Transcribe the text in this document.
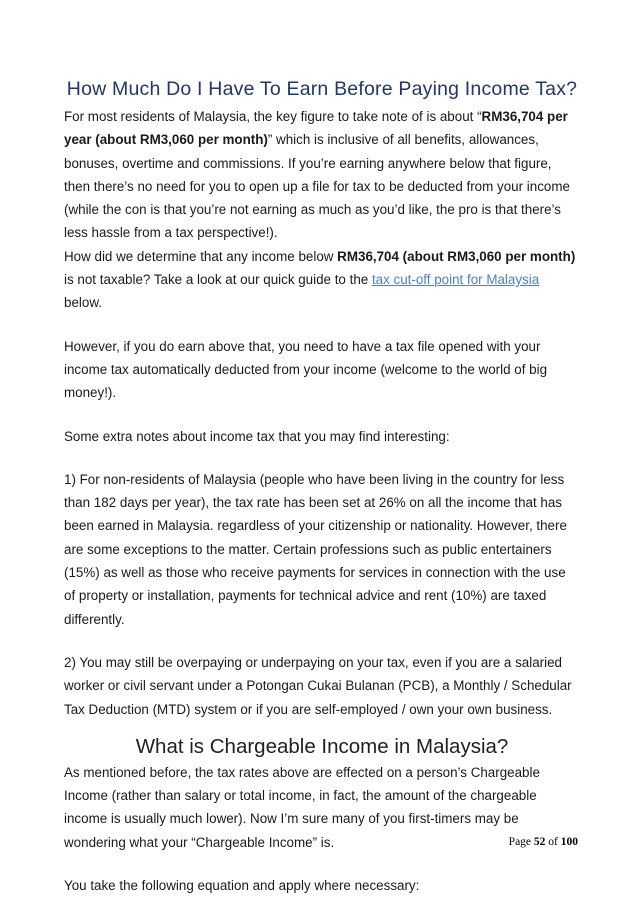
How Much Do I Have To Earn Before Paying Income Tax?

For most residents of Malaysia, the key figure to take note of is about “RM36,704 per year (about RM3,060 per month)” which is inclusive of all benefits, allowances, bonuses, overtime and commissions. If you’re earning anywhere below that figure, then there’s no need for you to open up a file for tax to be deducted from your income (while the con is that you’re not earning as much as you’d like, the pro is that there’s less hassle from a tax perspective!).

How did we determine that any income below RM36,704 (about RM3,060 per month) is not taxable? Take a look at our quick guide to the tax cut-off point for Malaysia below.

However, if you do earn above that, you need to have a tax file opened with your income tax automatically deducted from your income (welcome to the world of big money!).

Some extra notes about income tax that you may find interesting:

1) For non-residents of Malaysia (people who have been living in the country for less than 182 days per year), the tax rate has been set at 26% on all the income that has been earned in Malaysia. regardless of your citizenship or nationality. However, there are some exceptions to the matter. Certain professions such as public entertainers (15%) as well as those who receive payments for services in connection with the use of property or installation, payments for technical advice and rent (10%) are taxed differently.

2) You may still be overpaying or underpaying on your tax, even if you are a salaried worker or civil servant under a Potongan Cukai Bulanan (PCB), a Monthly / Schedular Tax Deduction (MTD) system or if you are self-employed / own your own business.

What is Chargeable Income in Malaysia?

As mentioned before, the tax rates above are effected on a person’s Chargeable Income (rather than salary or total income, in fact, the amount of the chargeable income is usually much lower). Now I’m sure many of you first-timers may be wondering what your “Chargeable Income” is.

You take the following equation and apply where necessary:

Page 52 of 100
